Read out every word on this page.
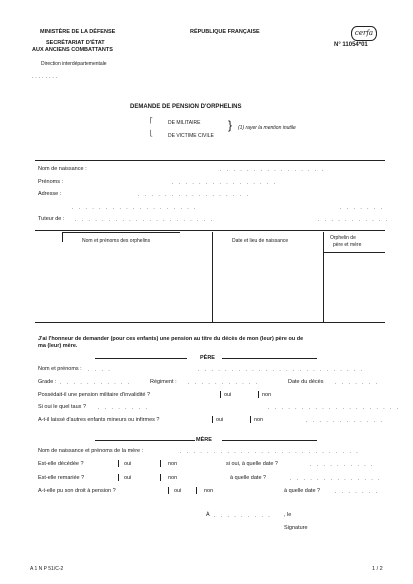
MINISTÈRE DE LA DÉFENSE
SECRÉTARIAT D'ÉTAT
AUX ANCIENS COMBATTANTS
Direction interdépartementale
........
RÉPUBLIQUE FRANÇAISE	cerfa
N° 11054*01
DEMANDE DE PENSION D'ORPHELINS
⎡	DE MILITAIRE
DE VICTIME CIVILE
⎣
} (1) rayer la mention inutile
Nom de naissance :	. . . . . . . . . . . . . . . .
Prénoms :	. . . . . . . . . . . . . . . .
Adresse :	. . . . . . . . . . . . . . . . .
. . . . . . . . . . . . . . . . . . .	. . . . . . .
Tuteur de : . . . . . . . . . . . . . . . . . . . . .	. . . . . . . . . . .
Nom et prénoms des orphelins	Date et lieu de naissance	Orphelin de
père et mère
J'ai l'honneur de demander (pour ces enfants) une pension au titre du décès de mon (leur) père ou de
ma (leur) mère.
PÈRE
Nom et prénoms : . . . .	. . . . . . . . . . . . . . . . . . . . . . . . .
Grade : . . . . . . . . . . .	Régiment : . . . . . . . . . . .	Date du décès . . . . . . .
Possédait-il une pension militaire d'invalidité ?	oui	non
Si oui le quel taux ? . . . . . . . .	. . . . . . . . . . . . . . . . . . . .
A-t-il laissé d'autres enfants mineurs ou infirmes ?	oui	non	. . . . . . . . . . . .
MÈRE
Nom de naissance et prénoms de la mère :	. . . . . . . . . . . . . . . . . . . . . . . . . . .
Est-elle décédée ?	oui	non	si oui, à quelle date ?	. . . . . . . . . .
Est-elle remariée ?	oui	non	à quelle date ?	. . . . . . . . . . . . . .
A-t-elle pu son droit à pension ?	oui	non	à quelle date ?	. . . . . . .
À . . . . . . . . . , le
Signature
A 1 N P 51/C-2	1 / 2
